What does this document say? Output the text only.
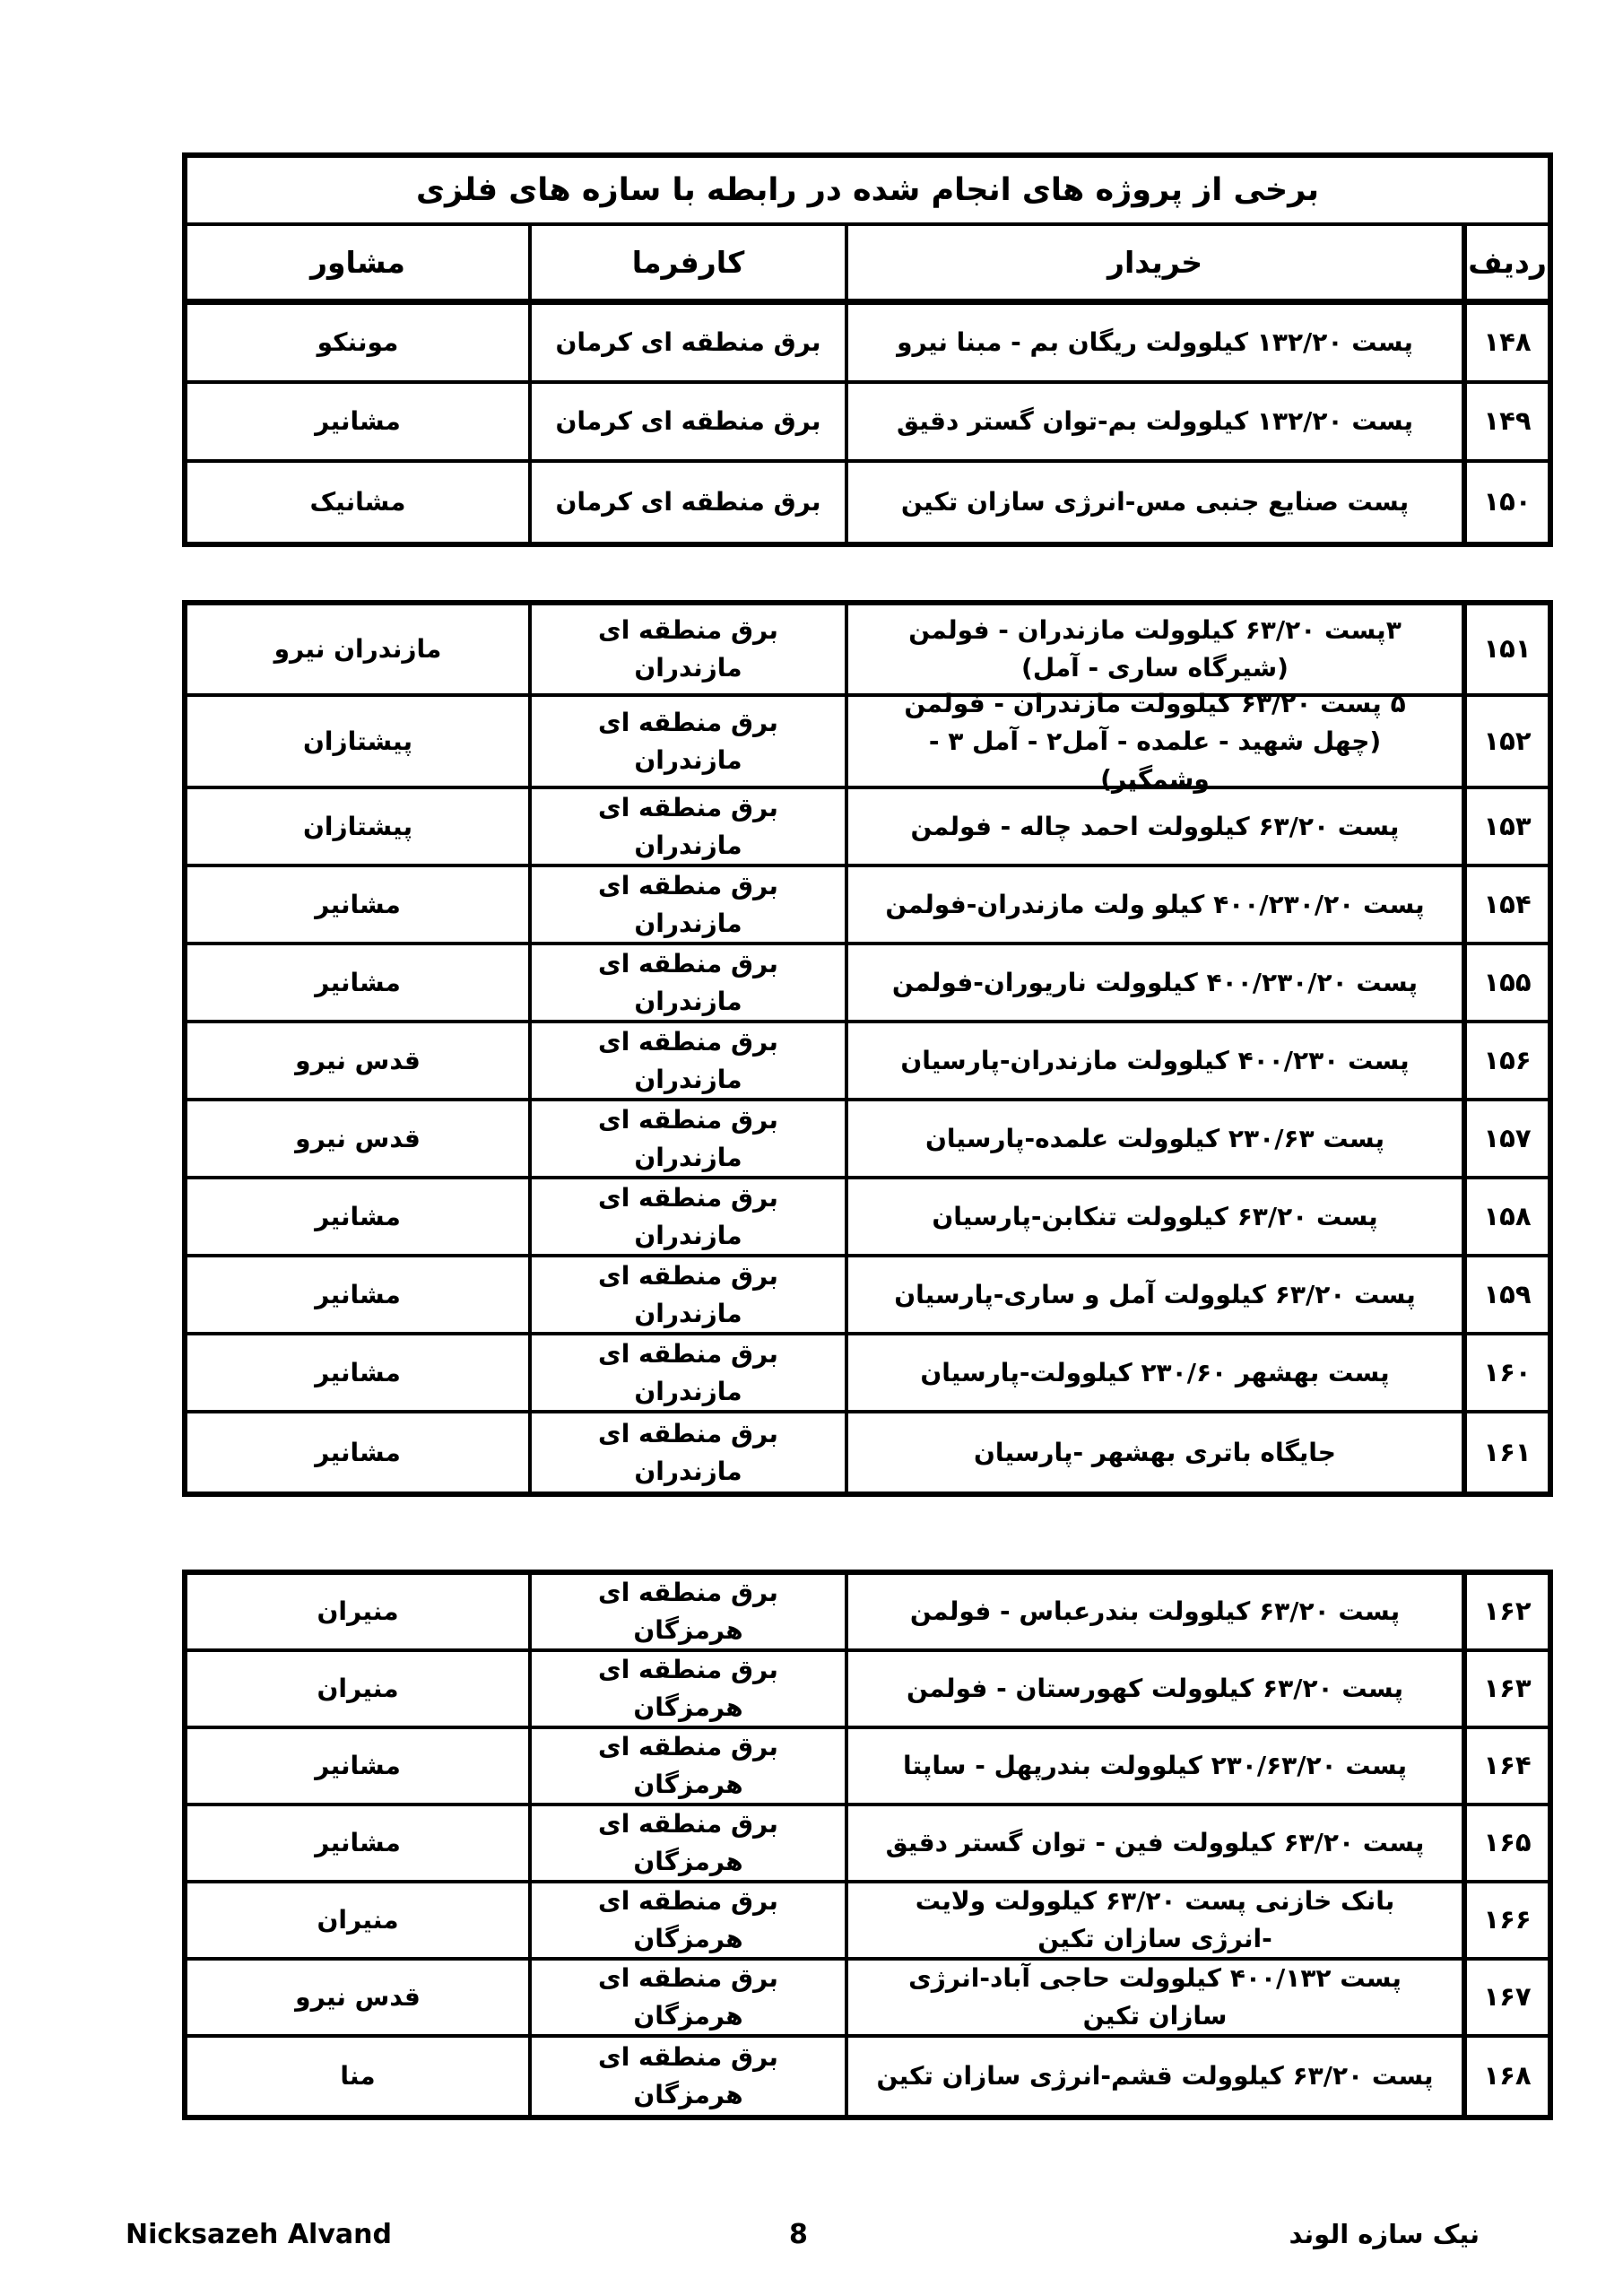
برخی از پروژه های انجام شده در رابطه با سازه های فلزی
ردیف
خریدار
کارفرما
مشاور
۱۴۸
پست ۱۳۲/۲۰ کیلوولت ریگان بم - مبنا نیرو
برق منطقه ای کرمان
موننکو
۱۴۹
پست ۱۳۲/۲۰ کیلوولت بم-توان گستر دقیق
برق منطقه ای کرمان
مشانیر
۱۵۰
پست صنایع جنبی مس-انرژی سازان تکین
برق منطقه ای کرمان
مشانیک
۱۵۱
۳پست ۶۳/۲۰ کیلوولت مازندران - فولمن (شیرگاه ساری - آمل)
برق منطقه ای مازندران
مازندران نیرو
۱۵۲
۵ پست ۶۳/۲۰ کیلوولت مازندران - فولمن (چهل شهید - علمده - آمل۲ - آمل ۳ - وشمگیر)
برق منطقه ای مازندران
پیشتازان
۱۵۳
پست ۶۳/۲۰ کیلوولت احمد چاله - فولمن
برق منطقه ای مازندران
پیشتازان
۱۵۴
پست ۴۰۰/۲۳۰/۲۰ کیلو ولت مازندران-فولمن
برق منطقه ای مازندران
مشانیر
۱۵۵
پست ۴۰۰/۲۳۰/۲۰ کیلوولت ناریوران-فولمن
برق منطقه ای مازندران
مشانیر
۱۵۶
پست ۴۰۰/۲۳۰ کیلوولت مازندران-پارسیان
برق منطقه ای مازندران
قدس نیرو
۱۵۷
پست ۲۳۰/۶۳ کیلوولت علمده-پارسیان
برق منطقه ای مازندران
قدس نیرو
۱۵۸
پست ۶۳/۲۰ کیلوولت تنکابن-پارسیان
برق منطقه ای مازندران
مشانیر
۱۵۹
پست ۶۳/۲۰ کیلوولت آمل و ساری-پارسیان
برق منطقه ای مازندران
مشانیر
۱۶۰
پست بهشهر ۲۳۰/۶۰ کیلوولت-پارسیان
برق منطقه ای مازندران
مشانیر
۱۶۱
جایگاه باتری بهشهر -پارسیان
برق منطقه ای مازندران
مشانیر
۱۶۲
پست ۶۳/۲۰ کیلوولت بندرعباس - فولمن
برق منطقه ای هرمزگان
منیران
۱۶۳
پست ۶۳/۲۰ کیلوولت کهورستان - فولمن
برق منطقه ای هرمزگان
منیران
۱۶۴
پست ۲۳۰/۶۳/۲۰ کیلوولت بندرپهل - ساپتا
برق منطقه ای هرمزگان
مشانیر
۱۶۵
پست ۶۳/۲۰ کیلوولت فین - توان گستر دقیق
برق منطقه ای هرمزگان
مشانیر
۱۶۶
بانک خازنی پست ۶۳/۲۰ کیلوولت ولایت -انرژی سازان تکین
برق منطقه ای هرمزگان
منیران
۱۶۷
پست ۴۰۰/۱۳۲ کیلوولت حاجی آباد-انرژی سازان تکین
برق منطقه ای هرمزگان
قدس نیرو
۱۶۸
پست ۶۳/۲۰ کیلوولت قشم-انرژی سازان تکین
برق منطقه ای هرمزگان
منا
Nicksazeh Alvand	8	نیک سازه الوند
